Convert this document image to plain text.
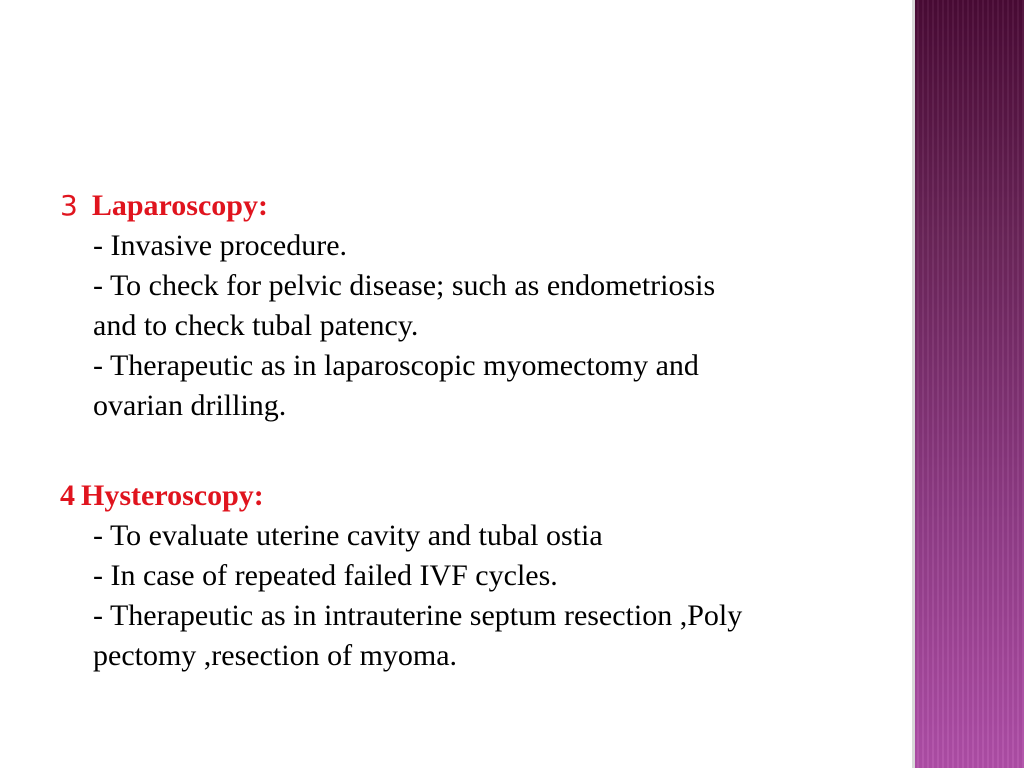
3 Laparoscopy:
- Invasive procedure.
- To check for pelvic disease; such as endometriosis
and to check tubal patency.
- Therapeutic as in laparoscopic myomectomy and
ovarian drilling.
4 Hysteroscopy:
- To evaluate uterine cavity and tubal ostia
- In case of repeated failed IVF cycles.
- Therapeutic as in intrauterine septum resection ,Poly
pectomy ,resection of myoma.
